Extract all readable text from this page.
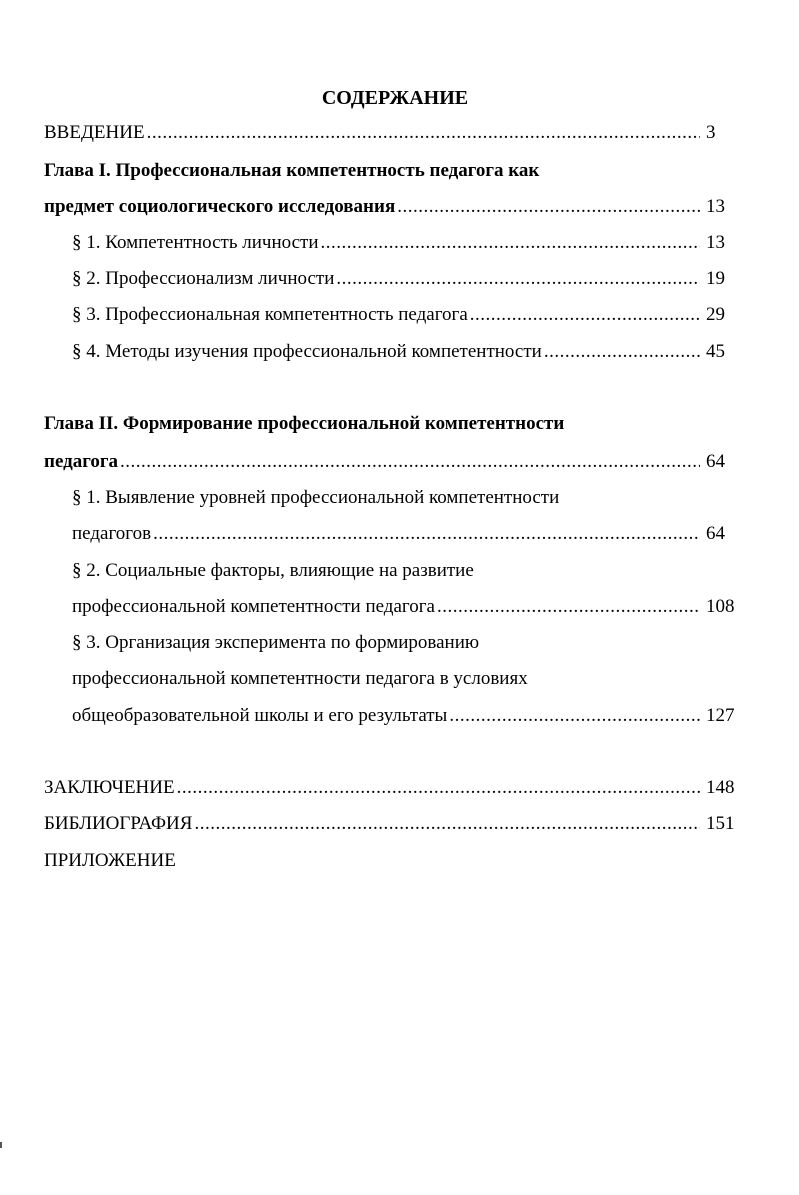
СОДЕРЖАНИЕ
ВВЕДЕНИЕ .....	3
Глава I. Профессиональная компетентность педагога как
предмет социологического исследования .....	13
§ 1. Компетентность личности .....	13
§ 2. Профессионализм личности .....	19
§ 3. Профессиональная компетентность педагога .....	29
§ 4. Методы изучения профессиональной компетентности .....	45
Глава II. Формирование профессиональной компетентности
педагога .....	64
§ 1. Выявление уровней профессиональной компетентности
педагогов .....	64
§ 2. Социальные факторы, влияющие на развитие
профессиональной компетентности педагога .....	108
§ 3. Организация эксперимента по формированию
профессиональной компетентности педагога в условиях
общеобразовательной школы и его результаты .....	127
ЗАКЛЮЧЕНИЕ .....	148
БИБЛИОГРАФИЯ .....	151
ПРИЛОЖЕНИЕ
